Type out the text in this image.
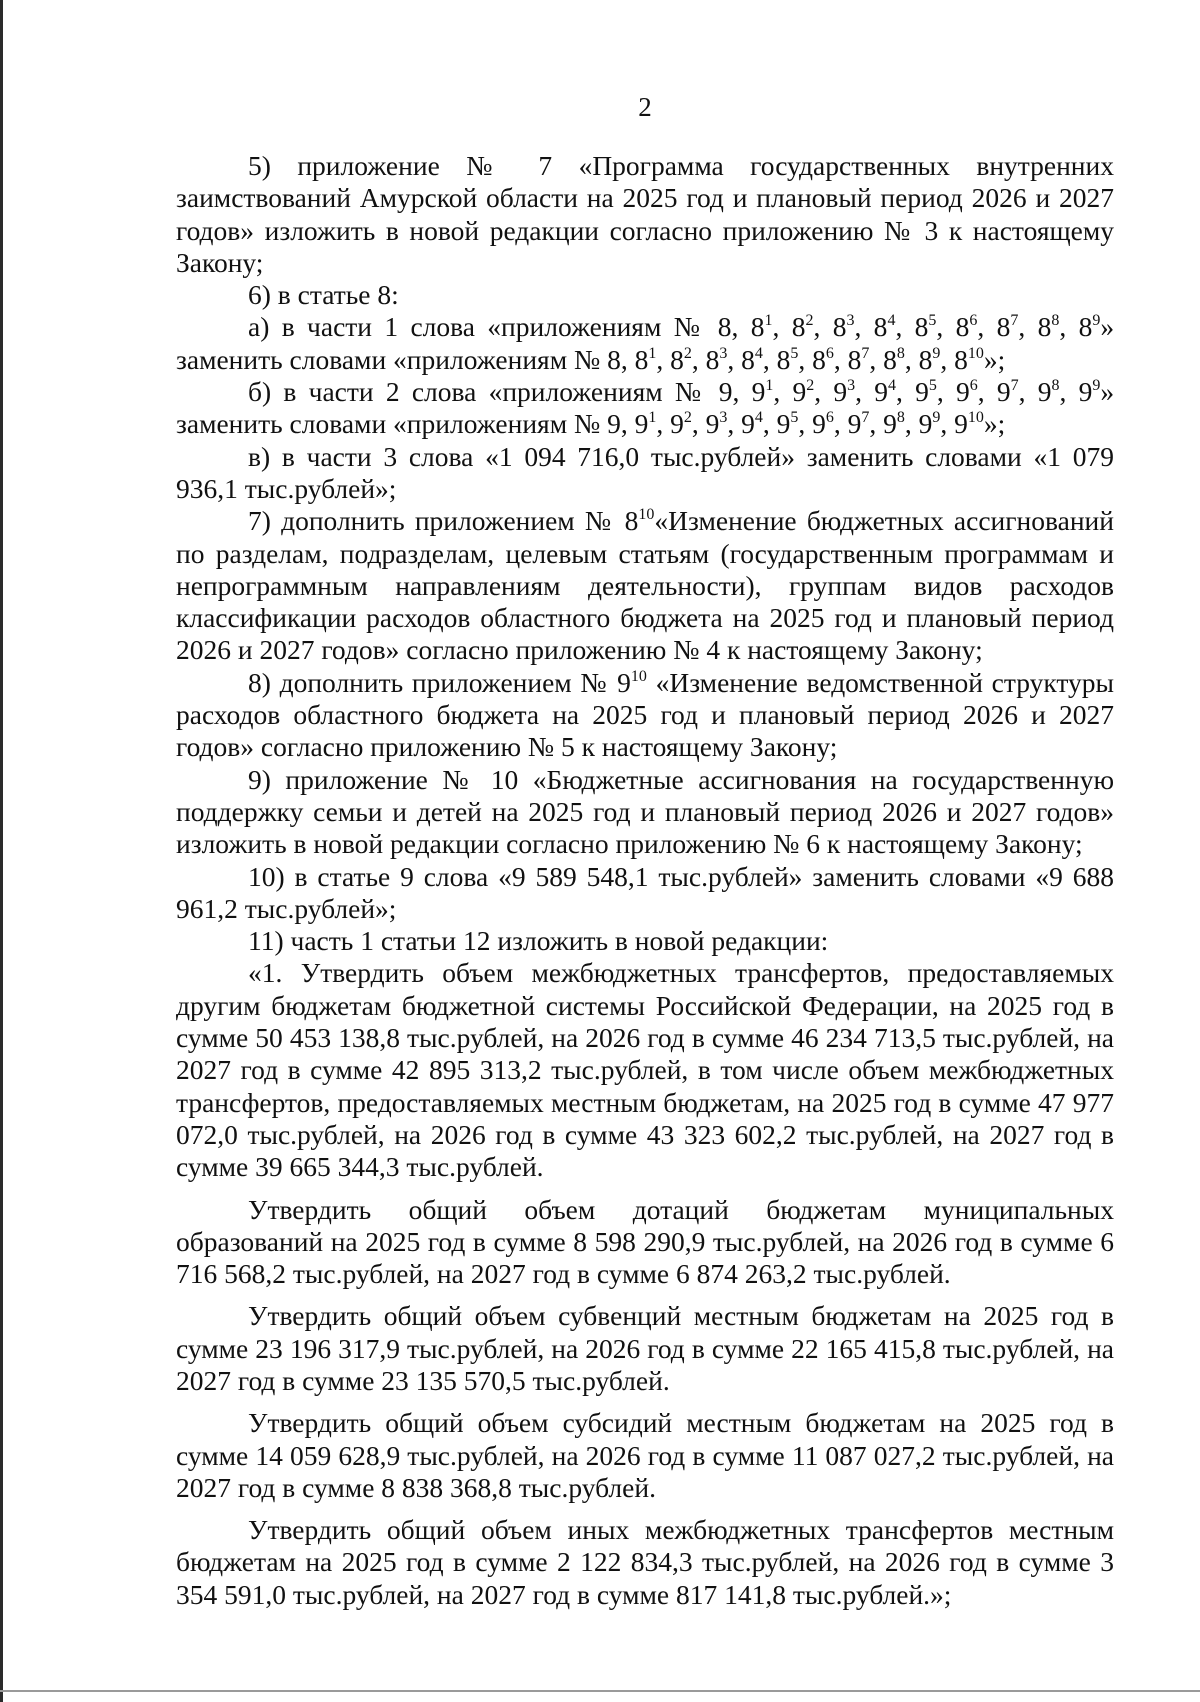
2

5) приложение № 7 «Программа государственных внутренних заимствований Амурской области на 2025 год и плановый период 2026 и 2027 годов» изложить в новой редакции согласно приложению № 3 к настоящему Закону;

6) в статье 8:

а) в части 1 слова «приложениям № 8, $8^1$, $8^2$, $8^3$, $8^4$, $8^5$, $8^6$, $8^7$, $8^8$, $8^9$» заменить словами «приложениям № 8, $8^1$, $8^2$, $8^3$, $8^4$, $8^5$, $8^6$, $8^7$, $8^8$, $8^9$, $8^{10}$»;

б) в части 2 слова «приложениям № 9, $9^1$, $9^2$, $9^3$, $9^4$, $9^5$, $9^6$, $9^7$, $9^8$, $9^9$» заменить словами «приложениям № 9, $9^1$, $9^2$, $9^3$, $9^4$, $9^5$, $9^6$, $9^7$, $9^8$, $9^9$, $9^{10}$»;

в) в части 3 слова «1 094 716,0 тыс.рублей» заменить словами «1 079 936,1 тыс.рублей»;

7) дополнить приложением № $8^{10}«Изменение$ бюджетных ассигнований по разделам, подразделам, целевым статьям (государственным программам и непрограммным направлениям деятельности), группам видов расходов классификации расходов областного бюджета на 2025 год и плановый период 2026 и 2027 годов» согласно приложению № 4 к настоящему Закону;

8) дополнить приложением № $9^{10}$ «Изменение ведомственной структуры расходов областного бюджета на 2025 год и плановый период 2026 и 2027 годов» согласно приложению № 5 к настоящему Закону;

9) приложение № 10 «Бюджетные ассигнования на государственную поддержку семьи и детей на 2025 год и плановый период 2026 и 2027 годов» изложить в новой редакции согласно приложению № 6 к настоящему Закону;

10) в статье 9 слова «9 589 548,1 тыс.рублей» заменить словами «9 688 961,2 тыс.рублей»;

11) часть 1 статьи 12 изложить в новой редакции:

«1. Утвердить объем межбюджетных трансфертов, предоставляемых другим бюджетам бюджетной системы Российской Федерации, на 2025 год в сумме 50 453 138,8 тыс.рублей, на 2026 год в сумме 46 234 713,5 тыс.рублей, на 2027 год в сумме 42 895 313,2 тыс.рублей, в том числе объем межбюджетных трансфертов, предоставляемых местным бюджетам, на 2025 год в сумме 47 977 072,0 тыс.рублей, на 2026 год в сумме 43 323 602,2 тыс.рублей, на 2027 год в сумме 39 665 344,3 тыс.рублей.

Утвердить общий объем дотаций бюджетам муниципальных образований на 2025 год в сумме 8 598 290,9 тыс.рублей, на 2026 год в сумме 6 716 568,2 тыс.рублей, на 2027 год в сумме 6 874 263,2 тыс.рублей.

Утвердить общий объем субвенций местным бюджетам на 2025 год в сумме 23 196 317,9 тыс.рублей, на 2026 год в сумме 22 165 415,8 тыс.рублей, на 2027 год в сумме 23 135 570,5 тыс.рублей.

Утвердить общий объем субсидий местным бюджетам на 2025 год в сумме 14 059 628,9 тыс.рублей, на 2026 год в сумме 11 087 027,2 тыс.рублей, на 2027 год в сумме 8 838 368,8 тыс.рублей.

Утвердить общий объем иных межбюджетных трансфертов местным бюджетам на 2025 год в сумме 2 122 834,3 тыс.рублей, на 2026 год в сумме 3 354 591,0 тыс.рублей, на 2027 год в сумме 817 141,8 тыс.рублей.»;
